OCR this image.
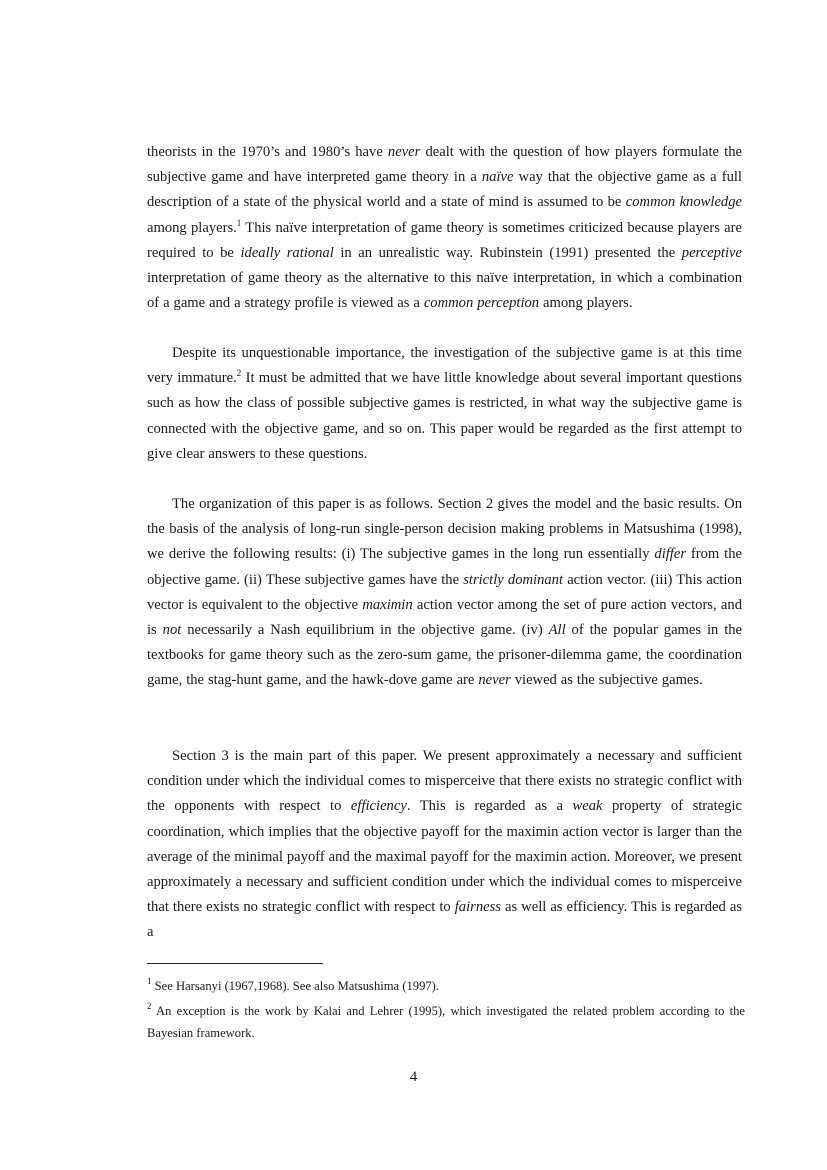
theorists in the 1970’s and 1980’s have never dealt with the question of how players formulate the subjective game and have interpreted game theory in a naïve way that the objective game as a full description of a state of the physical world and a state of mind is assumed to be common knowledge among players.$^1$ This naïve interpretation of game theory is sometimes criticized because players are required to be ideally rational in an unrealistic way. Rubinstein (1991) presented the perceptive interpretation of game theory as the alternative to this naïve interpretation, in which a combination of a game and a strategy profile is viewed as a common perception among players.

Despite its unquestionable importance, the investigation of the subjective game is at this time very immature.$^2$ It must be admitted that we have little knowledge about several important questions such as how the class of possible subjective games is restricted, in what way the subjective game is connected with the objective game, and so on. This paper would be regarded as the first attempt to give clear answers to these questions.

The organization of this paper is as follows. Section 2 gives the model and the basic results. On the basis of the analysis of long-run single-person decision making problems in Matsushima (1998), we derive the following results: (i) The subjective games in the long run essentially differ from the objective game. (ii) These subjective games have the strictly dominant action vector. (iii) This action vector is equivalent to the objective maximin action vector among the set of pure action vectors, and is not necessarily a Nash equilibrium in the objective game. (iv) All of the popular games in the textbooks for game theory such as the zero-sum game, the prisoner-dilemma game, the coordination game, the stag-hunt game, and the hawk-dove game are never viewed as the subjective games.

Section 3 is the main part of this paper. We present approximately a necessary and sufficient condition under which the individual comes to misperceive that there exists no strategic conflict with the opponents with respect to efficiency. This is regarded as a weak property of strategic coordination, which implies that the objective payoff for the maximin action vector is larger than the average of the minimal payoff and the maximal payoff for the maximin action. Moreover, we present approximately a necessary and sufficient condition under which the individual comes to misperceive that there exists no strategic conflict with respect to fairness as well as efficiency. This is regarded as a

$^1$ See Harsanyi (1967,1968). See also Matsushima (1997).

$^2$ An exception is the work by Kalai and Lehrer (1995), which investigated the related problem according to the Bayesian framework.

4
